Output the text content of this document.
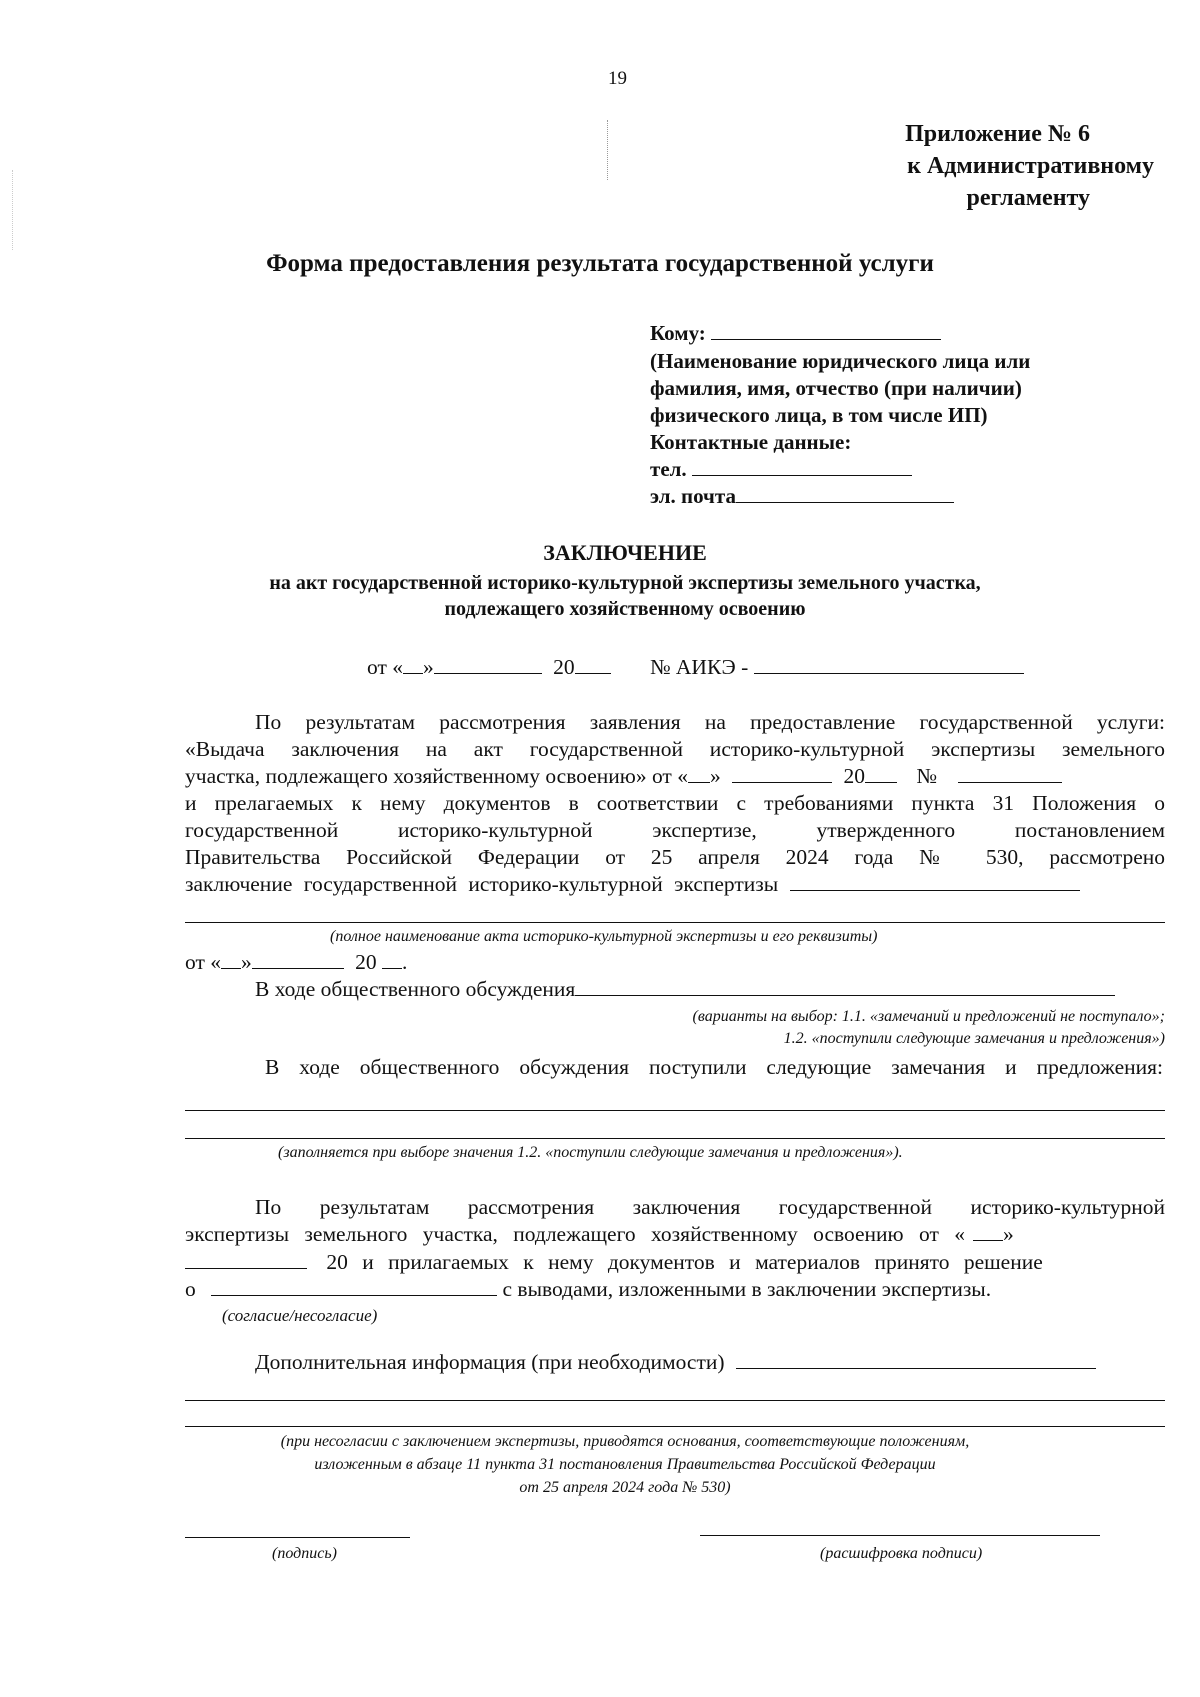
19
Приложение № 6
к Административному
регламенту
Форма предоставления результата государственной услуги
Кому:
(Наименование юридического лица или
фамилия, имя, отчество (при наличии)
физического лица, в том числе ИП)
Контактные данные:
тел.
эл. почта
ЗАКЛЮЧЕНИЕ
на акт государственной историко-культурной экспертизы земельного участка,
подлежащего хозяйственному освоению
от « »	20	№ АИКЭ -
По результатам рассмотрения заявления на предоставление государственной услуги:
«Выдача заключения на акт государственной историко-культурной экспертизы земельного
участка, подлежащего хозяйственному освоению» от « »	20 №
и прелагаемых к нему документов в соответствии с требованиями пункта 31 Положения о
государственной историко-культурной экспертизе, утвержденного постановлением
Правительства Российской Федерации от 25 апреля 2024 года № 530, рассмотрено
заключение государственной историко-культурной экспертизы
(полное наименование акта историко-культурной экспертизы и его реквизиты)
от « »	20 .
В ходе общественного обсуждения
(варианты на выбор: 1.1. «замечаний и предложений не поступало»;
1.2. «поступили следующие замечания и предложения»)
В ходе общественного обсуждения поступили следующие замечания и предложения:
(заполняется при выборе значения 1.2. «поступили следующие замечания и предложения»).
По результатам рассмотрения заключения государственной историко-культурной
экспертизы земельного участка, подлежащего хозяйственному освоению от « »
20 и прилагаемых к нему документов и материалов принято решение
о	с выводами, изложенными в заключении экспертизы.
(согласие/несогласие)
Дополнительная информация (при необходимости)
(при несогласии с заключением экспертизы, приводятся основания, соответствующие положениям,
изложенным в абзаце 11 пункта 31 постановления Правительства Российской Федерации
от 25 апреля 2024 года № 530)
(подпись)	(расшифровка подписи)
